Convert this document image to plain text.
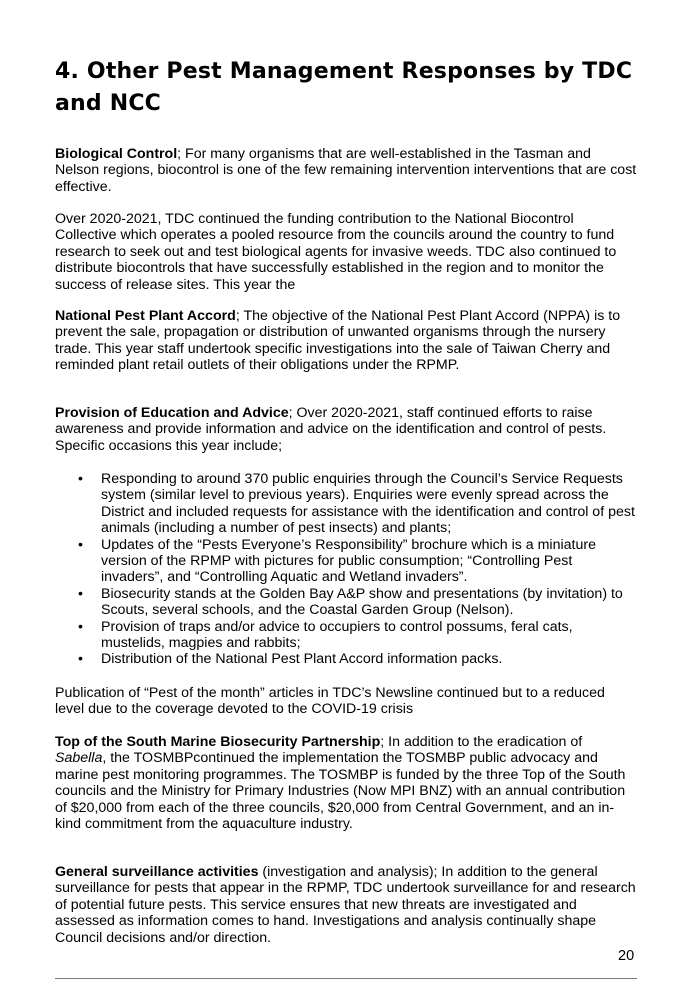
4. Other Pest Management Responses by TDC and NCC

Biological Control; For many organisms that are well-established in the Tasman and Nelson regions, biocontrol is one of the few remaining intervention interventions that are cost effective.

Over 2020-2021, TDC continued the funding contribution to the National Biocontrol Collective which operates a pooled resource from the councils around the country to fund research to seek out and test biological agents for invasive weeds. TDC also continued to distribute biocontrols that have successfully established in the region and to monitor the success of release sites. This year the

National Pest Plant Accord; The objective of the National Pest Plant Accord (NPPA) is to prevent the sale, propagation or distribution of unwanted organisms through the nursery trade. This year staff undertook specific investigations into the sale of Taiwan Cherry and reminded plant retail outlets of their obligations under the RPMP.

Provision of Education and Advice; Over 2020-2021, staff continued efforts to raise awareness and provide information and advice on the identification and control of pests. Specific occasions this year include;

• Responding to around 370 public enquiries through the Council’s Service Requests system (similar level to previous years). Enquiries were evenly spread across the District and included requests for assistance with the identification and control of pest animals (including a number of pest insects) and plants;
• Updates of the “Pests Everyone’s Responsibility” brochure which is a miniature version of the RPMP with pictures for public consumption; “Controlling Pest invaders”, and “Controlling Aquatic and Wetland invaders”.
• Biosecurity stands at the Golden Bay A&P show and presentations (by invitation) to Scouts, several schools, and the Coastal Garden Group (Nelson).
• Provision of traps and/or advice to occupiers to control possums, feral cats, mustelids, magpies and rabbits;
• Distribution of the National Pest Plant Accord information packs.

Publication of “Pest of the month” articles in TDC’s Newsline continued but to a reduced level due to the coverage devoted to the COVID-19 crisis

Top of the South Marine Biosecurity Partnership; In addition to the eradication of Sabella, the TOSMBPcontinued the implementation the TOSMBP public advocacy and marine pest monitoring programmes. The TOSMBP is funded by the three Top of the South councils and the Ministry for Primary Industries (Now MPI BNZ) with an annual contribution of $20,000 from each of the three councils, $20,000 from Central Government, and an in-kind commitment from the aquaculture industry.

General surveillance activities (investigation and analysis); In addition to the general surveillance for pests that appear in the RPMP, TDC undertook surveillance for and research of potential future pests. This service ensures that new threats are investigated and assessed as information comes to hand. Investigations and analysis continually shape Council decisions and/or direction.

20
